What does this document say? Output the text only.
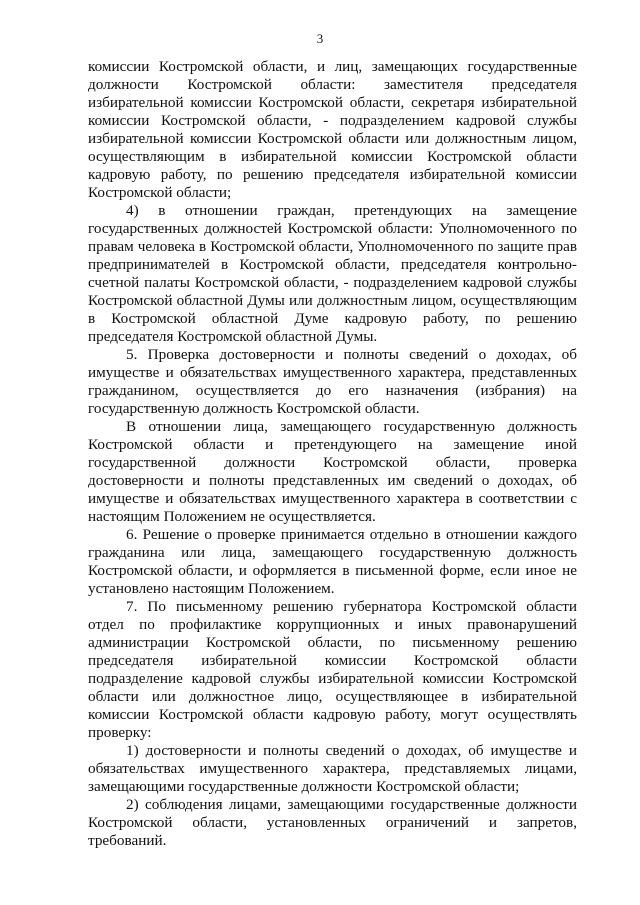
3

комиссии Костромской области, и лиц, замещающих государственные должности Костромской области: заместителя председателя избирательной комиссии Костромской области, секретаря избирательной комиссии Костромской области, - подразделением кадровой службы избирательной комиссии Костромской области или должностным лицом, осуществляющим в избирательной комиссии Костромской области кадровую работу, по решению председателя избирательной комиссии Костромской области;

4) в отношении граждан, претендующих на замещение государственных должностей Костромской области: Уполномоченного по правам человека в Костромской области, Уполномоченного по защите прав предпринимателей в Костромской области, председателя контрольно-счетной палаты Костромской области, - подразделением кадровой службы Костромской областной Думы или должностным лицом, осуществляющим в Костромской областной Думе кадровую работу, по решению председателя Костромской областной Думы.

5. Проверка достоверности и полноты сведений о доходах, об имуществе и обязательствах имущественного характера, представленных гражданином, осуществляется до его назначения (избрания) на государственную должность Костромской области.

В отношении лица, замещающего государственную должность Костромской области и претендующего на замещение иной государственной должности Костромской области, проверка достоверности и полноты представленных им сведений о доходах, об имуществе и обязательствах имущественного характера в соответствии с настоящим Положением не осуществляется.

6. Решение о проверке принимается отдельно в отношении каждого гражданина или лица, замещающего государственную должность Костромской области, и оформляется в письменной форме, если иное не установлено настоящим Положением.

7. По письменному решению губернатора Костромской области отдел по профилактике коррупционных и иных правонарушений администрации Костромской области, по письменному решению председателя избирательной комиссии Костромской области подразделение кадровой службы избирательной комиссии Костромской области или должностное лицо, осуществляющее в избирательной комиссии Костромской области кадровую работу, могут осуществлять проверку:

1) достоверности и полноты сведений о доходах, об имуществе и обязательствах имущественного характера, представляемых лицами, замещающими государственные должности Костромской области;

2) соблюдения лицами, замещающими государственные должности Костромской области, установленных ограничений и запретов, требований.
